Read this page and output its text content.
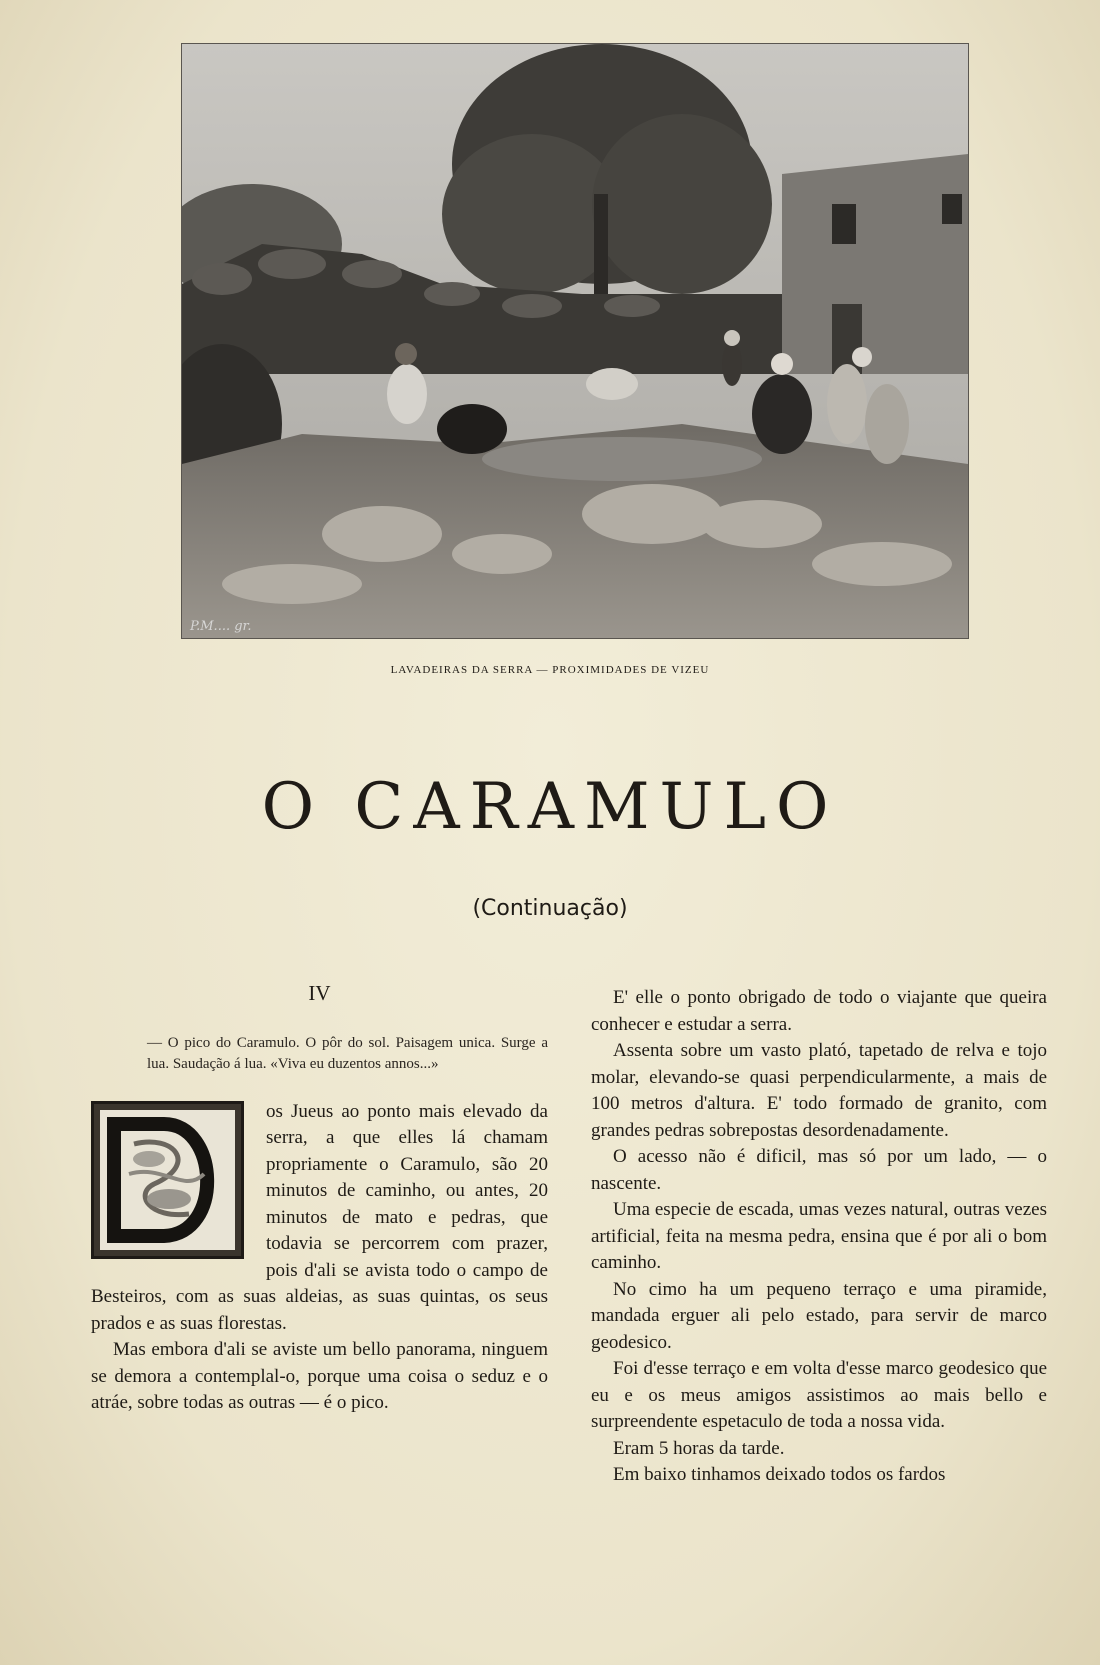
P.M.... gr.
LAVADEIRAS DA SERRA — PROXIMIDADES DE VIZEU
O CARAMULO
(Continuação)
IV

— O pico do Caramulo. O pôr do sol. Paisagem unica. Surge a lua. Saudação á lua. «Viva eu duzentos annos...»

os Jueus ao ponto mais elevado da serra, a que elles lá chamam propriamente o Caramulo, são 20 minutos de caminho, ou antes, 20 minutos de mato e pedras, que todavia se percorrem com prazer, pois d'ali se avista todo o campo de Besteiros, com as suas aldeias, as suas quintas, os seus prados e as suas florestas.

Mas embora d'ali se aviste um bello panorama, ninguem se demora a contemplal-o, porque uma coisa o seduz e o atráe, sobre todas as outras — é o pico.

E' elle o ponto obrigado de todo o viajante que queira conhecer e estudar a serra.

Assenta sobre um vasto plató, tapetado de relva e tojo molar, elevando-se quasi perpendicularmente, a mais de 100 metros d'altura. E' todo formado de granito, com grandes pedras sobrepostas desordenadamente.

O acesso não é dificil, mas só por um lado, — o nascente.

Uma especie de escada, umas vezes natural, outras vezes artificial, feita na mesma pedra, ensina que é por ali o bom caminho.

No cimo ha um pequeno terraço e uma piramide, mandada erguer ali pelo estado, para servir de marco geodesico.

Foi d'esse terraço e em volta d'esse marco geodesico que eu e os meus amigos assistimos ao mais bello e surpreendente espetaculo de toda a nossa vida.

Eram 5 horas da tarde.

Em baixo tinhamos deixado todos os fardos
